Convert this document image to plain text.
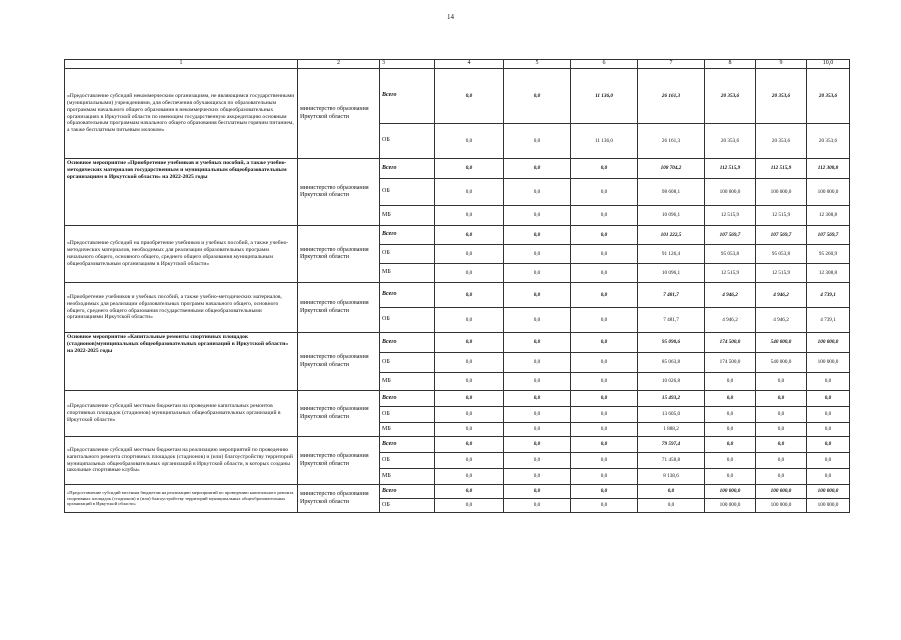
14
1	2	3	4	5	6	7	8	9	10,0
«Предоставление субсидий некоммерческим организациям, не являющимся государственными (муниципальными) учреждениями, для обеспечения обучающихся по образовательным программам начального общего образования в некоммерческих общеобразовательных организациях в Иркутской области по имеющим государственную аккредитацию основным образовательным программам начального общего образования бесплатным горячим питанием, а также бесплатным питьевым молоком»	министерство образования Иркутской области	Всего	0,0	0,0	11 136,0	26 161,3	20 353,6	20 353,6	20 353,6
		ОБ	0,0	0,0	11 136,0	26 161,3	20 353,6	20 353,6	20 353,6
Основное мероприятие «Приобретение учебников и учебных пособий, а также учебно-методических материалов государственным и муниципальным общеобразовательным организациям в Иркутской области» на 2022-2025 годы	министерство образования Иркутской области	Всего	0,0	0,0	0,0	108 704,2	112 515,9	112 515,9	112 308,8
		ОБ	0,0	0,0	0,0	98 608,1	100 000,0	100 000,0	100 000,0
		МБ	0,0	0,0	0,0	10 096,1	12 515,9	12 515,9	12 308,8
«Предоставление субсидий на приобретение учебников и учебных пособий, а также учебно-методических материалов, необходимых для реализации образовательных программ начального общего, основного общего, среднего общего образования муниципальным общеобразовательным организациям в Иркутской области»	министерство образования Иркутской области	Всего	0,0	0,0	0,0	101 222,5	107 569,7	107 569,7	107 569,7
		ОБ	0,0	0,0	0,0	91 126,4	95 053,8	95 053,8	95 260,9
		МБ	0,0	0,0	0,0	10 096,1	12 515,9	12 515,9	12 308,8
«Приобретение учебников и учебных пособий, а также учебно-методических материалов, необходимых для реализации образовательных программ начального общего, основного общего, среднего общего образования государственными общеобразовательными организациями Иркутской области»	министерство образования Иркутской области	Всего	0,0	0,0	0,0	7 481,7	4 946,2	4 946,2	4 739,1
		ОБ	0,0	0,0	0,0	7 481,7	4 946,2	4 946,2	4 739,1
Основное мероприятие «Капитальные ремонты спортивных площадок (стадионов)муниципальных общеобразовательных организаций в Иркутской области» на 2022-2025 годы	министерство образования Иркутской области	Всего	0,0	0,0	0,0	95 090,6	174 500,0	540 000,0	100 000,0
		ОБ	0,0	0,0	0,0	85 063,8	174 500,0	540 000,0	100 000,0
		МБ	0,0	0,0	0,0	10 026,8	0,0	0,0	0,0
«Предоставление субсидий местным бюджетам на проведение капитальных ремонтов спортивных площадок (стадионов) муниципальных общеобразовательных организаций в Иркутской области»	министерство образования Иркутской области	Всего	0,0	0,0	0,0	15 493,2	0,0	0,0	0,0
		ОБ	0,0	0,0	0,0	13 605,0	0,0	0,0	0,0
		МБ	0,0	0,0	0,0	1 888,2	0,0	0,0	0,0
«Предоставление субсидий местным бюджетам на реализацию мероприятий по проведению капитального ремонта спортивных площадок (стадионов) и (или) благоустройству территорий муниципальных общеобразовательных организаций в Иркутской области, в которых созданы школьные спортивные клубы»	министерство образования Иркутской области	Всего	0,0	0,0	0,0	79 597,4	0,0	0,0	0,0
		ОБ	0,0	0,0	0,0	71 458,8	0,0	0,0	0,0
		МБ	0,0	0,0	0,0	8 138,6	0,0	0,0	0,0
«Предоставление субсидий местным бюджетам на реализацию мероприятий по проведению капитального ремонта спортивных площадок (стадионов) и (или) благоустройству территорий муниципальных общеобразовательных организаций в Иркутской области»	министерство образования Иркутской области	Всего	0,0	0,0	0,0	0,0	100 000,0	100 000,0	100 000,0
		ОБ	0,0	0,0	0,0	0,0	100 000,0	100 000,0	100 000,0
